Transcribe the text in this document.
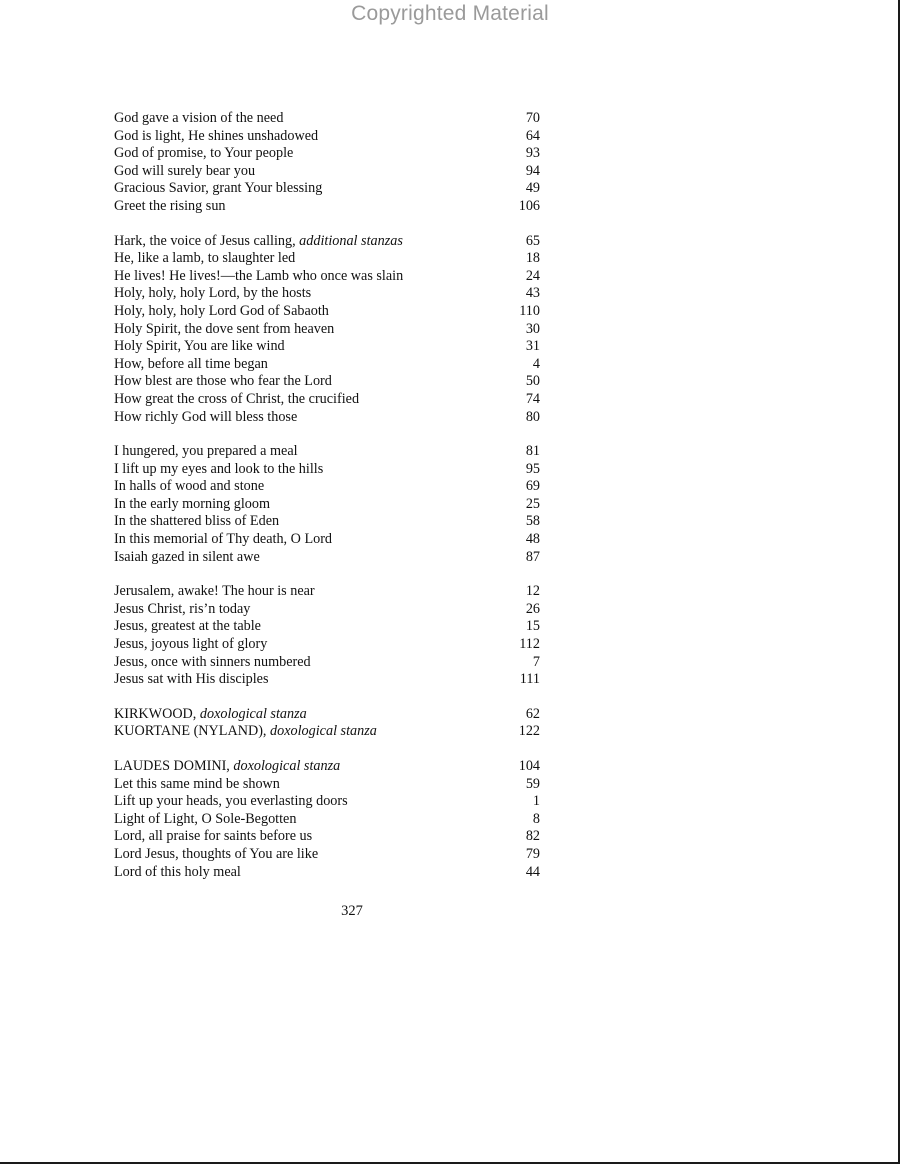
Copyrighted Material
God gave a vision of the need	70
God is light, He shines unshadowed	64
God of promise, to Your people	93
God will surely bear you	94
Gracious Savior, grant Your blessing	49
Greet the rising sun	106
Hark, the voice of Jesus calling, additional stanzas	65
He, like a lamb, to slaughter led	18
He lives! He lives!—the Lamb who once was slain	24
Holy, holy, holy Lord, by the hosts	43
Holy, holy, holy Lord God of Sabaoth	110
Holy Spirit, the dove sent from heaven	30
Holy Spirit, You are like wind	31
How, before all time began	4
How blest are those who fear the Lord	50
How great the cross of Christ, the crucified	74
How richly God will bless those	80
I hungered, you prepared a meal	81
I lift up my eyes and look to the hills	95
In halls of wood and stone	69
In the early morning gloom	25
In the shattered bliss of Eden	58
In this memorial of Thy death, O Lord	48
Isaiah gazed in silent awe	87
Jerusalem, awake! The hour is near	12
Jesus Christ, ris’n today	26
Jesus, greatest at the table	15
Jesus, joyous light of glory	112
Jesus, once with sinners numbered	7
Jesus sat with His disciples	111
KIRKWOOD, doxological stanza	62
KUORTANE (NYLAND), doxological stanza	122
LAUDES DOMINI, doxological stanza	104
Let this same mind be shown	59
Lift up your heads, you everlasting doors	1
Light of Light, O Sole-Begotten	8
Lord, all praise for saints before us	82
Lord Jesus, thoughts of You are like	79
Lord of this holy meal	44
327
